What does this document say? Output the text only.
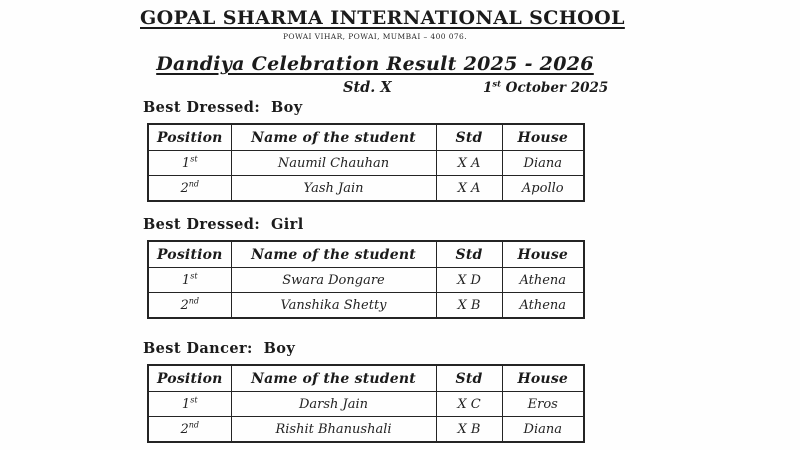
GOPAL SHARMA INTERNATIONAL SCHOOL
POWAI VIHAR, POWAI, MUMBAI – 400 076.
Dandiya Celebration Result 2025 - 2026
Std. X	1st October 2025
Best Dressed:  Boy
Position	Name of the student	Std	House
1st	Naumil Chauhan	X A	Diana
2nd	Yash Jain	X A	Apollo
Best Dressed:  Girl
Position	Name of the student	Std	House
1st	Swara Dongare	X D	Athena
2nd	Vanshika Shetty	X B	Athena
Best Dancer:  Boy
Position	Name of the student	Std	House
1st	Darsh Jain	X C	Eros
2nd	Rishit Bhanushali	X B	Diana
